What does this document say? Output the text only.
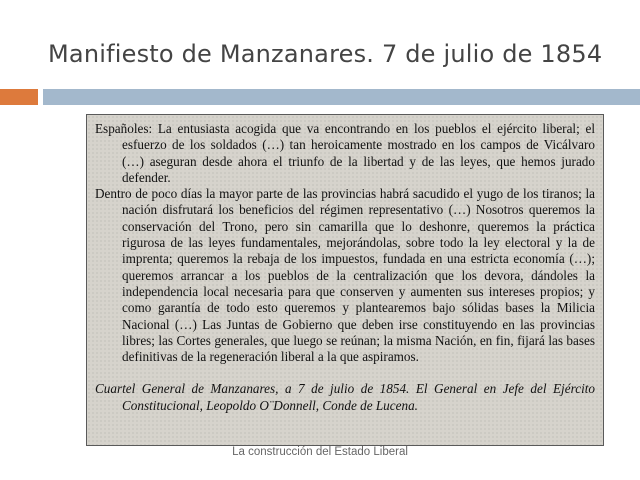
Manifiesto de Manzanares. 7 de julio de 1854

Españoles: La entusiasta acogida que va encontrando en los pueblos el ejército liberal; el esfuerzo de los soldados (…) tan heroicamente mostrado en los campos de Vicálvaro (…) aseguran desde ahora el triunfo de la libertad y de las leyes, que hemos jurado defender.

Dentro de poco días la mayor parte de las provincias habrá sacudido el yugo de los tiranos; la nación disfrutará los beneficios del régimen representativo (…) Nosotros queremos la conservación del Trono, pero sin camarilla que lo deshonre, queremos la práctica rigurosa de las leyes fundamentales, mejorándolas, sobre todo la ley electoral y la de imprenta; queremos la rebaja de los impuestos, fundada en una estricta economía (…); queremos arrancar a los pueblos de la centralización que los devora, dándoles la independencia local necesaria para que conserven y aumenten sus intereses propios; y como garantía de todo esto queremos y plantearemos bajo sólidas bases la Milicia Nacional (…) Las Juntas de Gobierno que deben irse constituyendo en las provincias libres; las Cortes generales, que luego se reúnan; la misma Nación, en fin, fijará las bases definitivas de la regeneración liberal a la que aspiramos.

Cuartel General de Manzanares, a 7 de julio de 1854. El General en Jefe del Ejército Constitucional, Leopoldo O¨Donnell, Conde de Lucena.

La construcción del Estado Liberal
